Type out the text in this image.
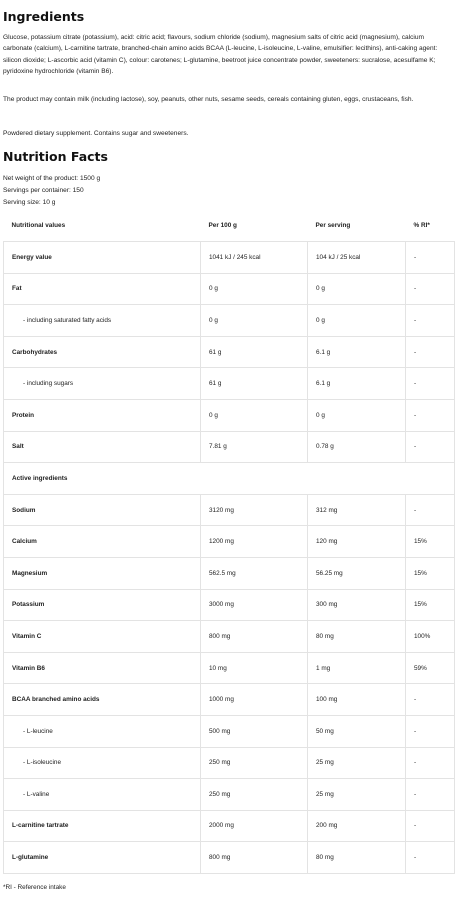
Ingredients

Glucose, potassium citrate (potassium), acid: citric acid; flavours, sodium chloride (sodium), magnesium salts of citric acid (magnesium), calcium carbonate (calcium), L-carnitine tartrate, branched-chain amino acids BCAA (L-leucine, L-isoleucine, L-valine, emulsifier: lecithins), anti-caking agent: silicon dioxide; L-ascorbic acid (vitamin C), colour: carotenes; L-glutamine, beetroot juice concentrate powder, sweeteners: sucralose, acesulfame K; pyridoxine hydrochloride (vitamin B6).

The product may contain milk (including lactose), soy, peanuts, other nuts, sesame seeds, cereals containing gluten, eggs, crustaceans, fish.

Powdered dietary supplement. Contains sugar and sweeteners.

Nutrition Facts
Net weight of the product: 1500 g
Servings per container: 150
Serving size: 10 g
Nutritional values	Per 100 g	Per serving	% RI*
Energy value	1041 kJ / 245 kcal	104 kJ / 25 kcal	-
Fat	0 g	0 g	-
- including saturated fatty acids	0 g	0 g	-
Carbohydrates	61 g	6.1 g	-
- including sugars	61 g	6.1 g	-
Protein	0 g	0 g	-
Salt	7.81 g	0.78 g	-
Active ingredients			
Sodium	3120 mg	312 mg	-
Calcium	1200 mg	120 mg	15%
Magnesium	562.5 mg	56.25 mg	15%
Potassium	3000 mg	300 mg	15%
Vitamin C	800 mg	80 mg	100%
Vitamin B6	10 mg	1 mg	59%
BCAA branched amino acids	1000 mg	100 mg	-
- L-leucine	500 mg	50 mg	-
- L-isoleucine	250 mg	25 mg	-
- L-valine	250 mg	25 mg	-
L-carnitine tartrate	2000 mg	200 mg	-
L-glutamine	800 mg	80 mg	-
*RI - Reference intake
